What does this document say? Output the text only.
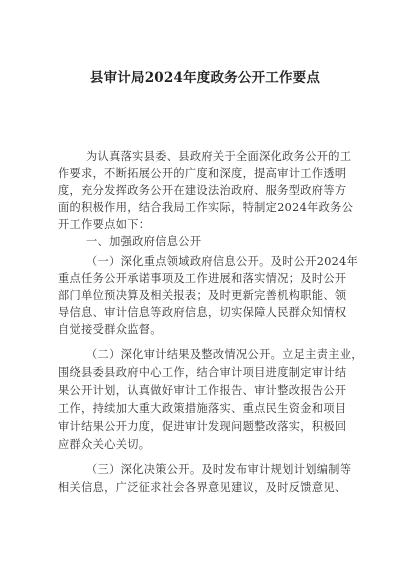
县审计局2024年度政务公开工作要点
为认真落实县委、县政府关于全面深化政务公开的工
作要求，不断拓展公开的广度和深度，提高审计工作透明
度，充分发挥政务公开在建设法治政府、服务型政府等方
面的积极作用，结合我局工作实际，特制定2024年政务公
开工作要点如下：
一、加强政府信息公开
（一）深化重点领域政府信息公开。及时公开2024年
重点任务公开承诺事项及工作进展和落实情况；及时公开
部门单位预决算及相关报表；及时更新完善机构职能、领
导信息、审计信息等政府信息，切实保障人民群众知情权
自觉接受群众监督。
（二）深化审计结果及整改情况公开。立足主责主业，
围绕县委县政府中心工作，结合审计项目进度制定审计结
果公开计划，认真做好审计工作报告、审计整改报告公开
工作，持续加大重大政策措施落实、重点民生资金和项目
审计结果公开力度，促进审计发现问题整改落实，积极回
应群众关心关切。
（三）深化决策公开。及时发布审计规划计划编制等
相关信息，广泛征求社会各界意见建议，及时反馈意见、
